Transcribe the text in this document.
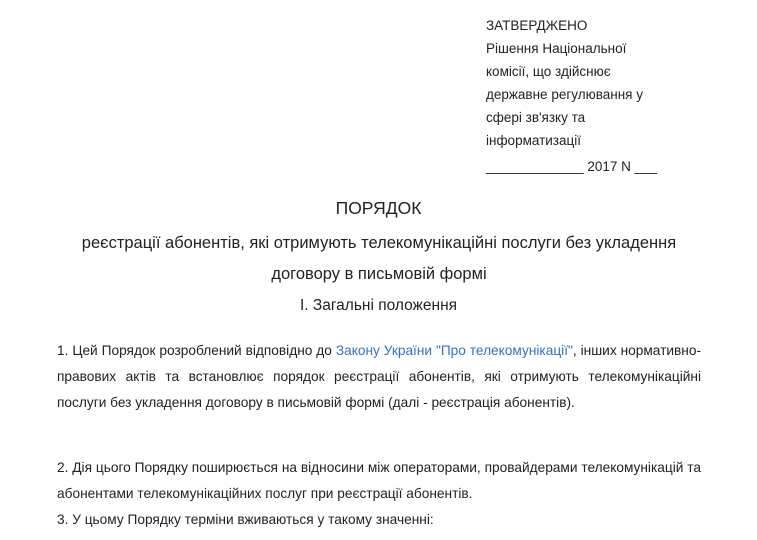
ЗАТВЕРДЖЕНО
Рішення Національної
комісії, що здійснює
державне регулювання у
сфері зв'язку та
інформатизації
_____________ 2017 N ___
ПОРЯДОК
реєстрації абонентів, які отримують телекомунікаційні послуги без укладення договору в письмовій формі
I. Загальні положення
1. Цей Порядок розроблений відповідно до Закону України "Про телекомунікації", інших нормативно-правових актів та встановлює порядок реєстрації абонентів, які отримують телекомунікаційні послуги без укладення договору в письмовій формі (далі - реєстрація абонентів).
2. Дія цього Порядку поширюється на відносини між операторами, провайдерами телекомунікацій та абонентами телекомунікаційних послуг при реєстрації абонентів.
3. У цьому Порядку терміни вживаються у такому значенні:
